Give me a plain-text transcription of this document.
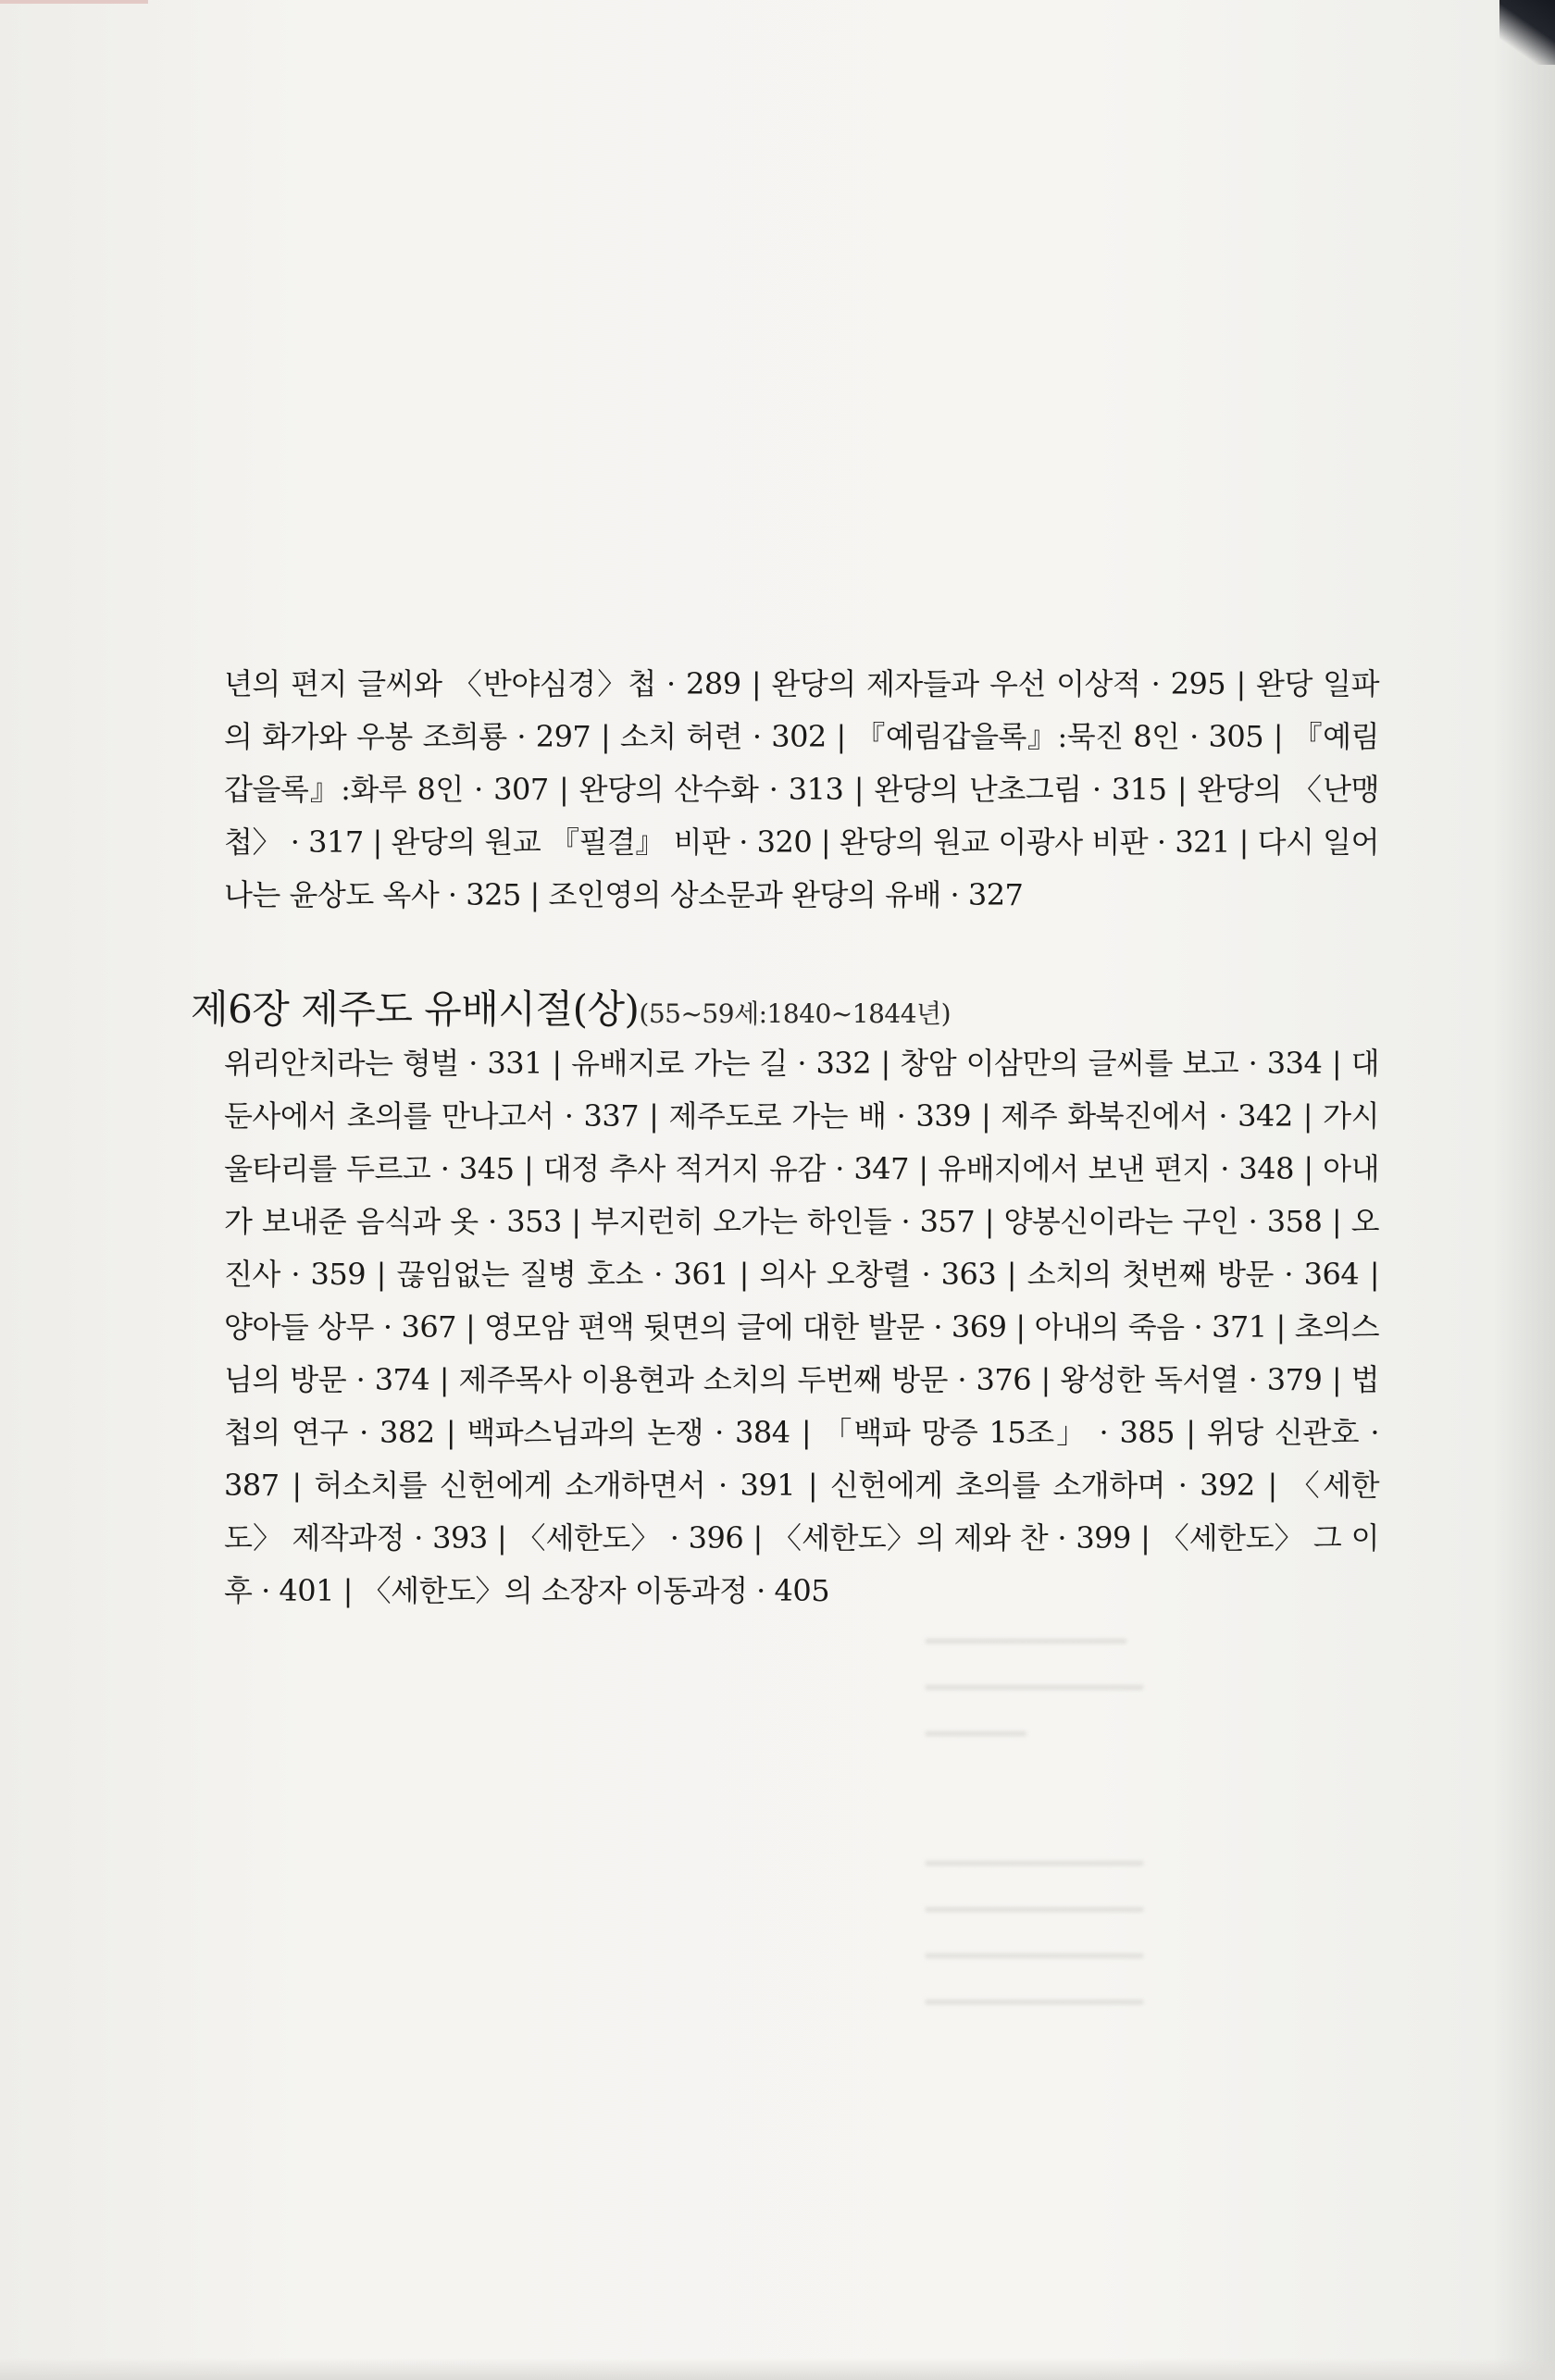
년의 편지 글씨와 〈반야심경〉첩 · 289 | 완당의 제자들과 우선 이상적 · 295 | 완당 일파의 화가와 우봉 조희룡 · 297 | 소치 허련 · 302 | 『예림갑을록』:묵진 8인 · 305 | 『예림갑을록』:화루 8인 · 307 | 완당의 산수화 · 313 | 완당의 난초그림 · 315 | 완당의 〈난맹첩〉 · 317 | 완당의 원교 『필결』 비판 · 320 | 완당의 원교 이광사 비판 · 321 | 다시 일어나는 윤상도 옥사 · 325 | 조인영의 상소문과 완당의 유배 · 327

제6장 제주도 유배시절(상)(55~59세:1840~1844년)

위리안치라는 형벌 · 331 | 유배지로 가는 길 · 332 | 창암 이삼만의 글씨를 보고 · 334 | 대둔사에서 초의를 만나고서 · 337 | 제주도로 가는 배 · 339 | 제주 화북진에서 · 342 | 가시울타리를 두르고 · 345 | 대정 추사 적거지 유감 · 347 | 유배지에서 보낸 편지 · 348 | 아내가 보내준 음식과 옷 · 353 | 부지런히 오가는 하인들 · 357 | 양봉신이라는 구인 · 358 | 오진사 · 359 | 끊임없는 질병 호소 · 361 | 의사 오창렬 · 363 | 소치의 첫번째 방문 · 364 | 양아들 상무 · 367 | 영모암 편액 뒷면의 글에 대한 발문 · 369 | 아내의 죽음 · 371 | 초의스님의 방문 · 374 | 제주목사 이용현과 소치의 두번째 방문 · 376 | 왕성한 독서열 · 379 | 법첩의 연구 · 382 | 백파스님과의 논쟁 · 384 | 「백파 망증 15조」 · 385 | 위당 신관호 · 387 | 허소치를 신헌에게 소개하면서 · 391 | 신헌에게 초의를 소개하며 · 392 | 〈세한도〉 제작과정 · 393 | 〈세한도〉 · 396 | 〈세한도〉의 제와 찬 · 399 | 〈세한도〉 그 이후 · 401 | 〈세한도〉의 소장자 이동과정 · 405

━━━━━━━━━━━━
━━━━━━━━━━━━━
━━━━━━
━━━━━━━━━━━━━
━━━━━━━━━━━━━
━━━━━━━━━━━━━
━━━━━━━━━━━━━
